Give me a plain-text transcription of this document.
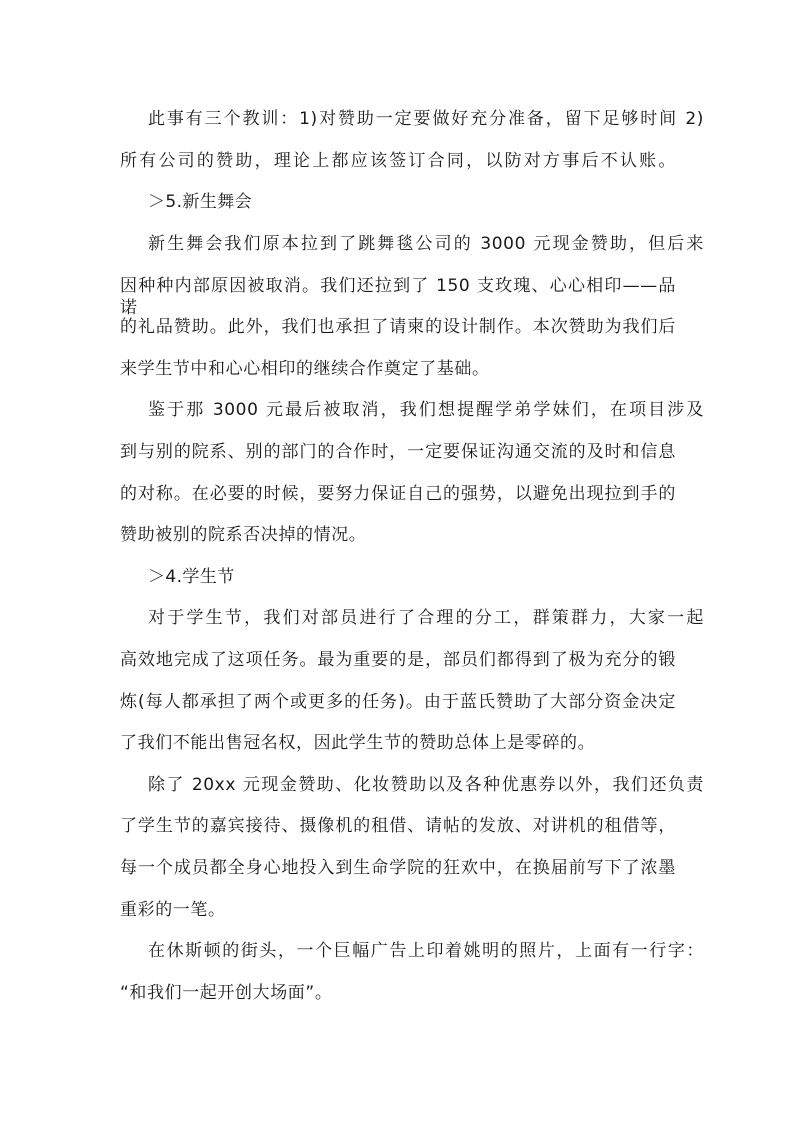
此事有三个教训：1)对赞助一定要做好充分准备，留下足够时间 2)
所有公司的赞助，理论上都应该签订合同，以防对方事后不认账。
＞5.新生舞会
新生舞会我们原本拉到了跳舞毯公司的 3000 元现金赞助，但后来
因种种内部原因被取消。我们还拉到了 150 支玫瑰、心心相印——品诺
的礼品赞助。此外，我们也承担了请柬的设计制作。本次赞助为我们后
来学生节中和心心相印的继续合作奠定了基础。
鉴于那 3000 元最后被取消，我们想提醒学弟学妹们，在项目涉及
到与别的院系、别的部门的合作时，一定要保证沟通交流的及时和信息
的对称。在必要的时候，要努力保证自己的强势，以避免出现拉到手的
赞助被别的院系否决掉的情况。
＞4.学生节
对于学生节，我们对部员进行了合理的分工，群策群力，大家一起
高效地完成了这项任务。最为重要的是，部员们都得到了极为充分的锻
炼(每人都承担了两个或更多的任务)。由于蓝氏赞助了大部分资金决定
了我们不能出售冠名权，因此学生节的赞助总体上是零碎的。
除了 20xx 元现金赞助、化妆赞助以及各种优惠券以外，我们还负责
了学生节的嘉宾接待、摄像机的租借、请帖的发放、对讲机的租借等，
每一个成员都全身心地投入到生命学院的狂欢中，在换届前写下了浓墨
重彩的一笔。
在休斯顿的街头，一个巨幅广告上印着姚明的照片，上面有一行字：
“和我们一起开创大场面”。
